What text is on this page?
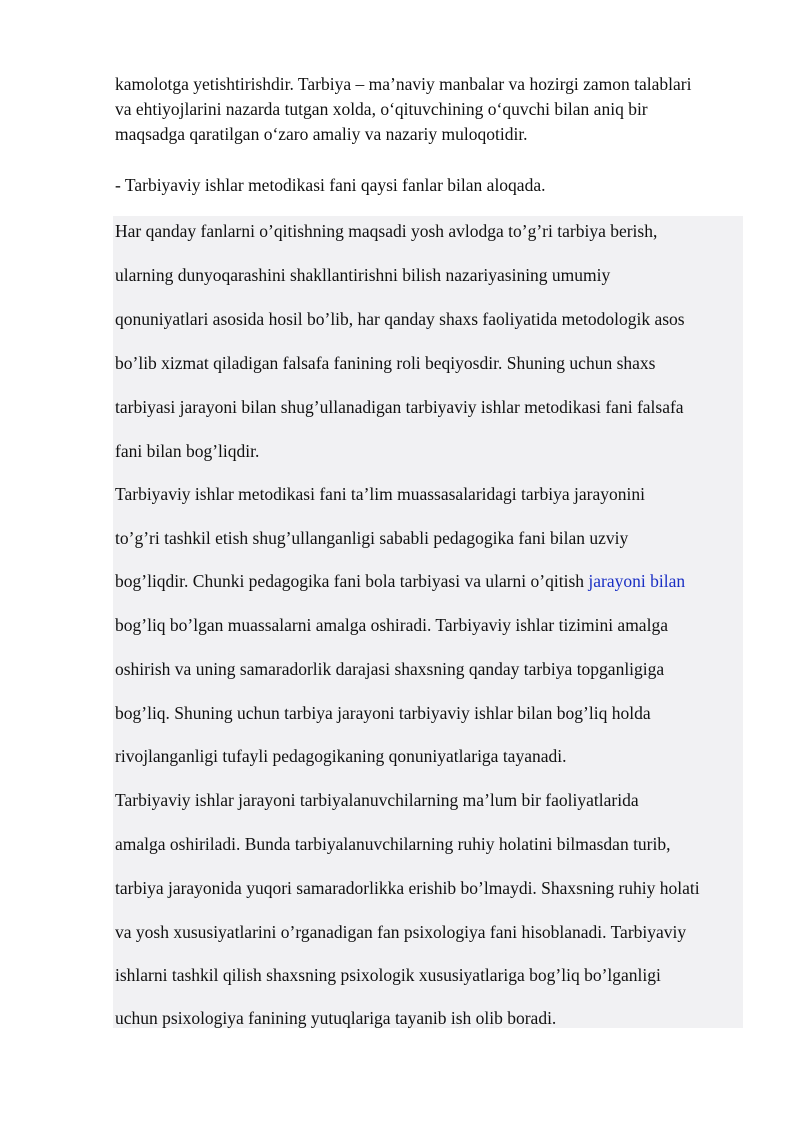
kamolotga yetishtirishdir. Tarbiya – ma’naviy manbalar va hozirgi zamon talablari
va ehtiyojlarini nazarda tutgan xolda, o‘qituvchining o‘quvchi bilan aniq bir
maqsadga qaratilgan o‘zaro amaliy va nazariy muloqotidir.
- Tarbiyaviy ishlar metodikasi fani qaysi fanlar bilan aloqada.
Har qanday fanlarni o’qitishning maqsadi yosh avlodga to’g’ri tarbiya berish,
ularning dunyoqarashini shakllantirishni bilish nazariyasining umumiy
qonuniyatlari asosida hosil bo’lib, har qanday shaxs faoliyatida metodologik asos
bo’lib xizmat qiladigan falsafa fanining roli beqiyosdir. Shuning uchun shaxs
tarbiyasi jarayoni bilan shug’ullanadigan tarbiyaviy ishlar metodikasi fani falsafa
fani bilan bog’liqdir.
Tarbiyaviy ishlar metodikasi fani ta’lim muassasalaridagi tarbiya jarayonini
to’g’ri tashkil etish shug’ullanganligi sababli pedagogika fani bilan uzviy
bog’liqdir. Chunki pedagogika fani bola tarbiyasi va ularni o’qitish jarayoni bilan
bog’liq bo’lgan muassalarni amalga oshiradi. Tarbiyaviy ishlar tizimini amalga
oshirish va uning samaradorlik darajasi shaxsning qanday tarbiya topganligiga
bog’liq. Shuning uchun tarbiya jarayoni tarbiyaviy ishlar bilan bog’liq holda
rivojlanganligi tufayli pedagogikaning qonuniyatlariga tayanadi.
Tarbiyaviy ishlar jarayoni tarbiyalanuvchilarning ma’lum bir faoliyatlarida
amalga oshiriladi. Bunda tarbiyalanuvchilarning ruhiy holatini bilmasdan turib,
tarbiya jarayonida yuqori samaradorlikka erishib bo’lmaydi. Shaxsning ruhiy holati
va yosh xususiyatlarini o’rganadigan fan psixologiya fani hisoblanadi. Tarbiyaviy
ishlarni tashkil qilish shaxsning psixologik xususiyatlariga bog’liq bo’lganligi
uchun psixologiya fanining yutuqlariga tayanib ish olib boradi.
